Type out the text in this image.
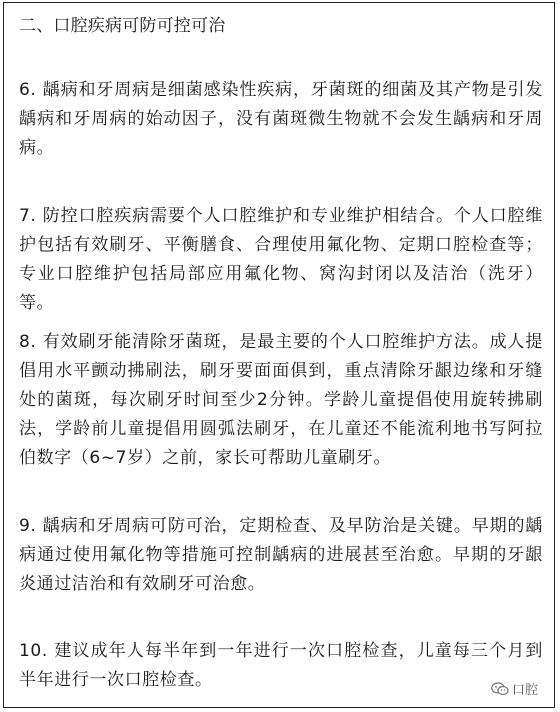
二、口腔疾病可防可控可治

6. 龋病和牙周病是细菌感染性疾病，牙菌斑的细菌及其产物是引发龋病和牙周病的始动因子，没有菌斑微生物就不会发生龋病和牙周病。

7. 防控口腔疾病需要个人口腔维护和专业维护相结合。个人口腔维护包括有效刷牙、平衡膳食、合理使用氟化物、定期口腔检查等；专业口腔维护包括局部应用氟化物、窝沟封闭以及洁治（洗牙）等。

8. 有效刷牙能清除牙菌斑，是最主要的个人口腔维护方法。成人提倡用水平颤动拂刷法，刷牙要面面俱到，重点清除牙龈边缘和牙缝处的菌斑，每次刷牙时间至少2分钟。学龄儿童提倡使用旋转拂刷法，学龄前儿童提倡用圆弧法刷牙，在儿童还不能流利地书写阿拉伯数字（6~7岁）之前，家长可帮助儿童刷牙。

9. 龋病和牙周病可防可治，定期检查、及早防治是关键。早期的龋病通过使用氟化物等措施可控制龋病的进展甚至治愈。早期的牙龈炎通过洁治和有效刷牙可治愈。

10. 建议成年人每半年到一年进行一次口腔检查，儿童每三个月到半年进行一次口腔检查。

口腔
